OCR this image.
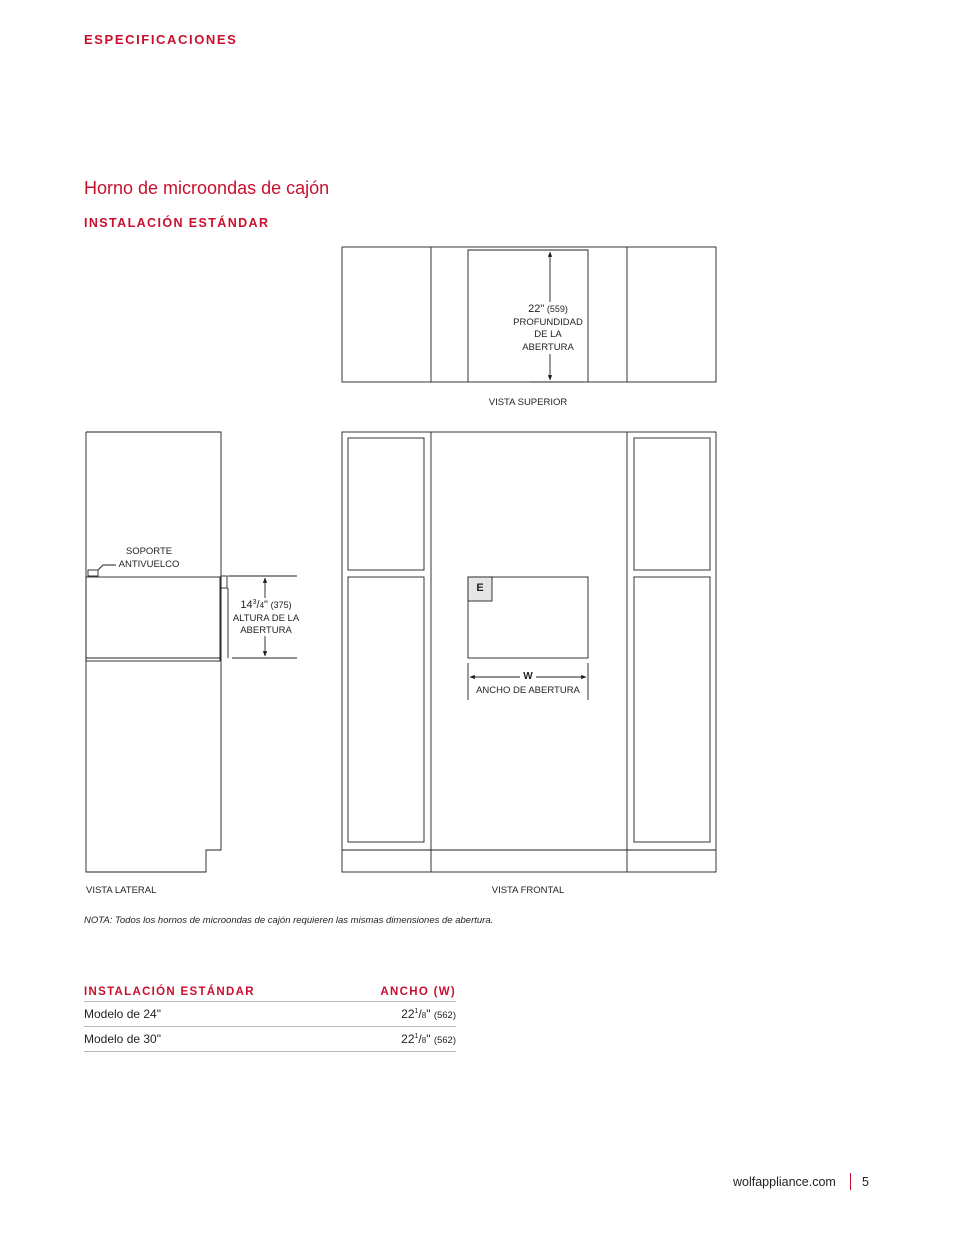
ESPECIFICACIONES
Horno de microondas de cajón
INSTALACIÓN ESTÁNDAR
22" (559)
PROFUNDIDAD
DE LA
ABERTURA
VISTA SUPERIOR
SOPORTE
ANTIVUELCO
$14^3/4$" (375)
ALTURA DE LA
ABERTURA
VISTA LATERAL
E
W
ANCHO DE ABERTURA
VISTA FRONTAL
NOTA: Todos los hornos de microondas de cajón requieren las mismas dimensiones de abertura.
INSTALACIÓN ESTÁNDAR	ANCHO (W)
Modelo de 24"	$22^1/8$" (562)
Modelo de 30"	$22^1/8$" (562)
wolfappliance.com 5
